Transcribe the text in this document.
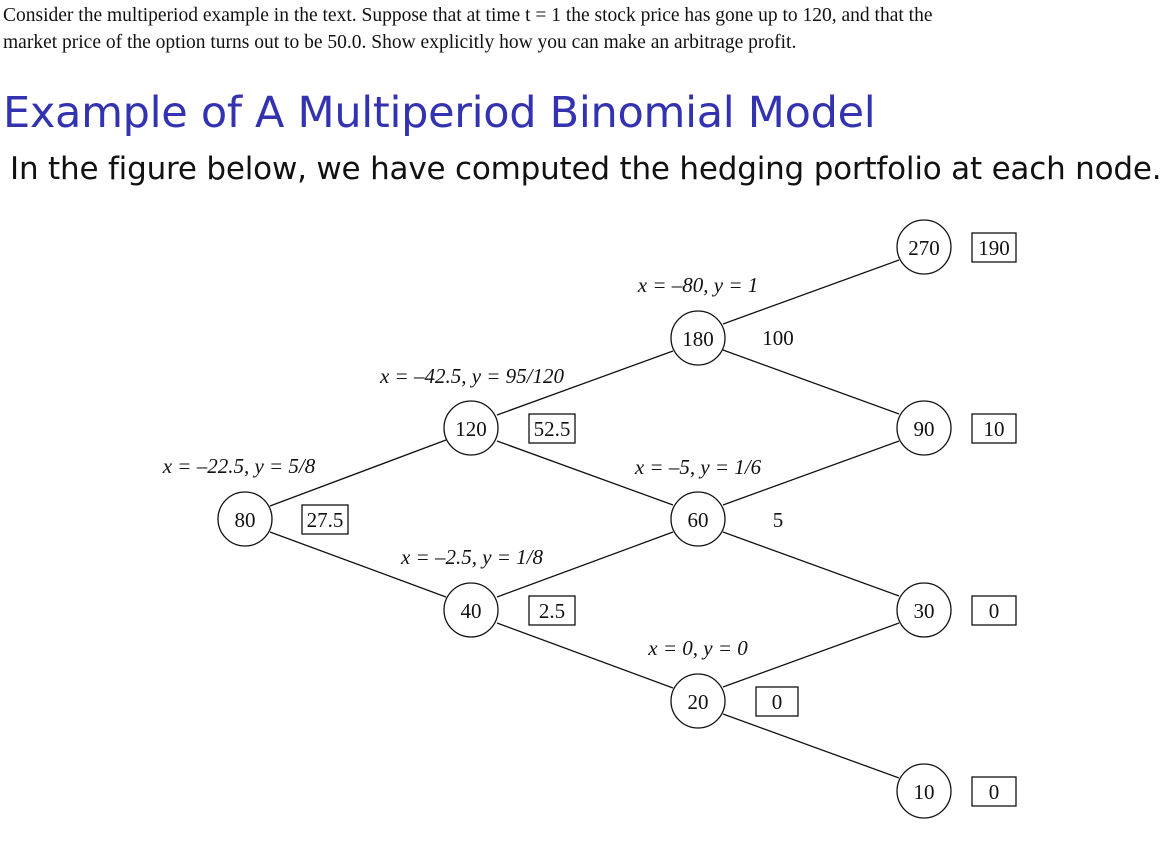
Consider the multiperiod example in the text. Suppose that at time t = 1 the stock price has gone up to 120, and that the market price of the option turns out to be 50.0. Show explicitly how you can make an arbitrage profit.
Example of A Multiperiod Binomial Model
In the figure below, we have computed the hedging portfolio at each node.
80
120
40
180
60
20
270
90
30
10
27.5
52.5
2.5
100
5
0
190
10
0
0
x = –22.5, y = 5/8
x = –42.5, y = 95/120
x = –2.5, y = 1/8
x = –80, y = 1
x = –5, y = 1/6
x = 0, y = 0
